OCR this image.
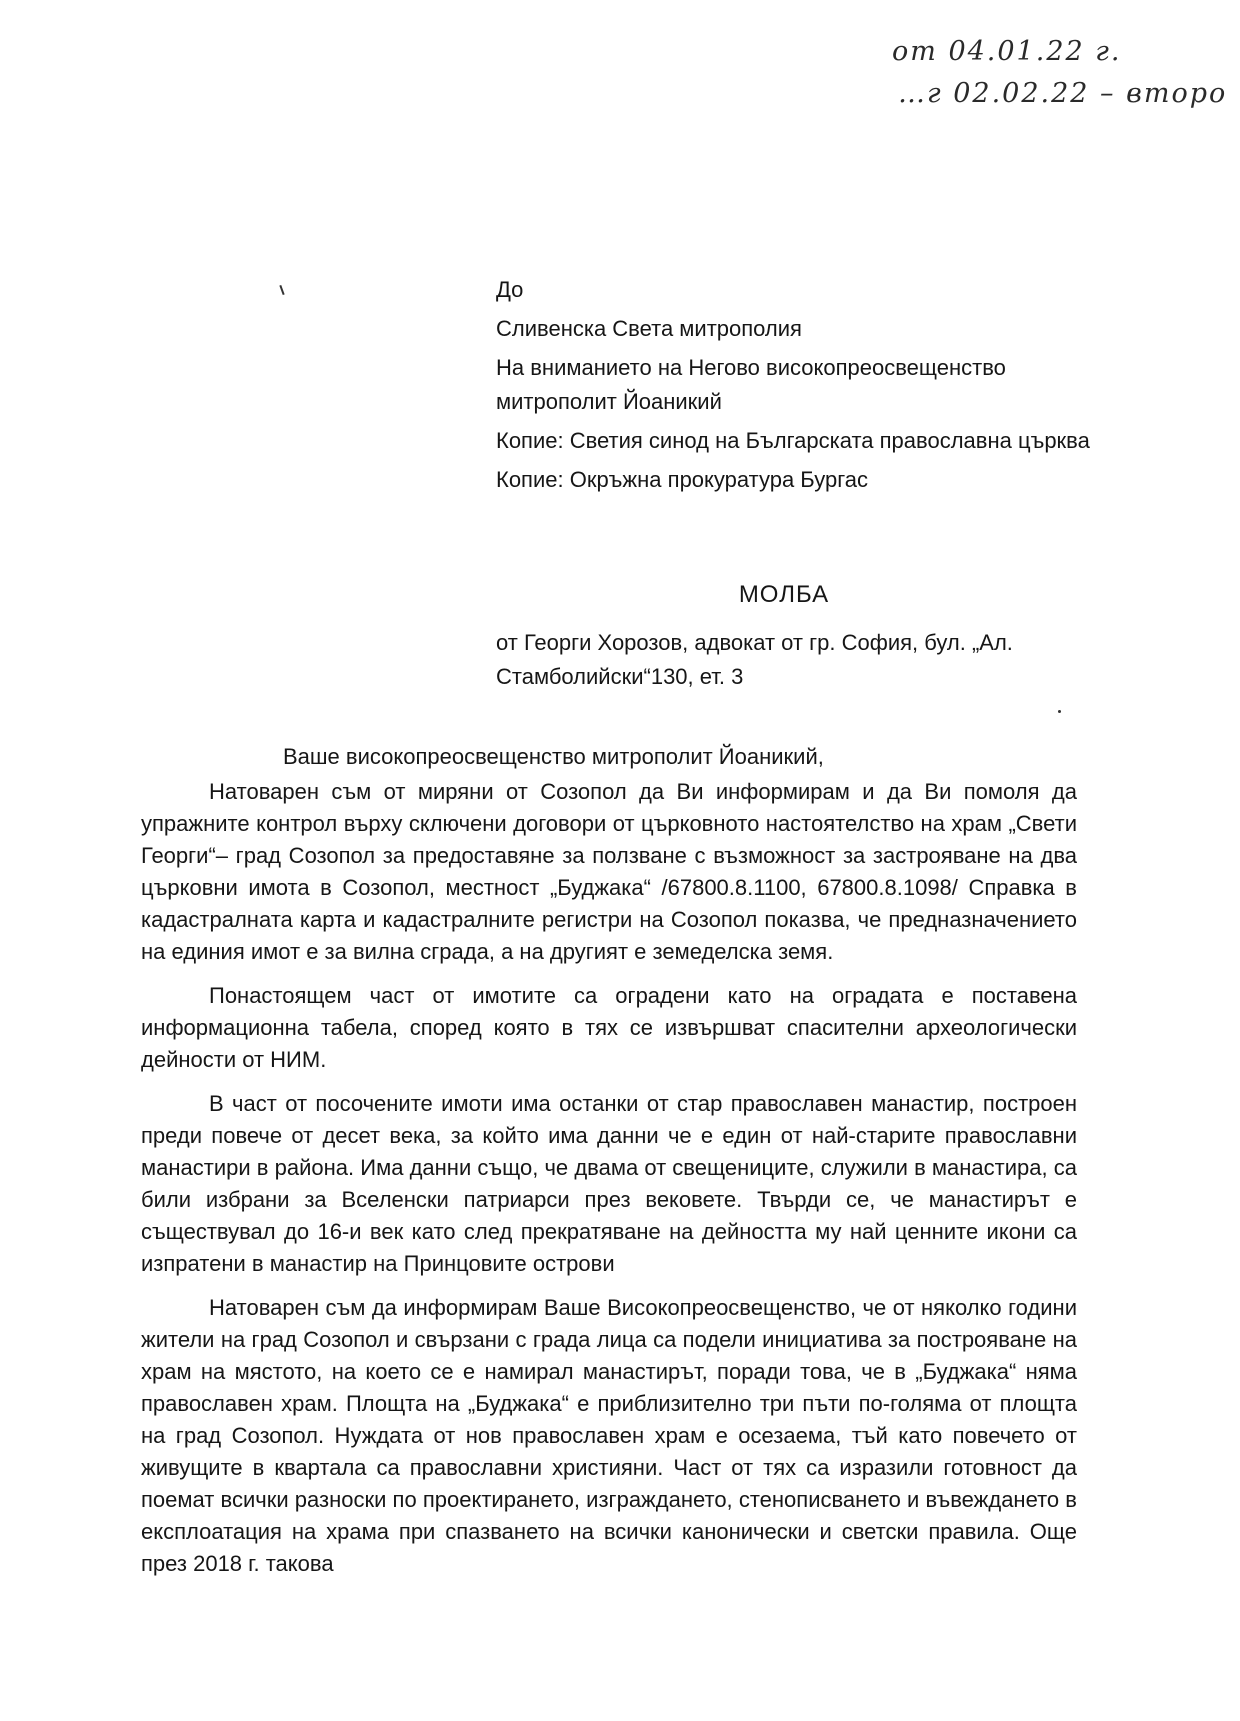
от 04.01.22 г.
…г 02.02.22 – второ

До

Сливенска Света митрополия

На вниманието на Негово високопреосвещенство митрополит Йоаникий

Копие: Светия синод на Българската православна църква

Копие: Окръжна прокуратура Бургас

МОЛБА
от Георги Хорозов, адвокат от гр. София, бул. „Ал. Стамболийски“130, ет. 3
Ваше високопреосвещенство митрополит Йоаникий,

Натоварен съм от миряни от Созопол да Ви информирам и да Ви помоля да упражните контрол върху сключени договори от църковното настоятелство на храм „Свети Георги“– град Созопол за предоставяне за ползване с възможност за застрояване на два църковни имота в Созопол, местност „Буджака“ /67800.8.1100, 67800.8.1098/ Справка в кадастралната карта и кадастралните регистри на Созопол показва, че предназначението на единия имот е за вилна сграда, а на другият е земеделска земя.

Понастоящем част от имотите са оградени като на оградата е поставена информационна табела, според която в тях се извършват спасителни археологически дейности от НИМ.

В част от посочените имоти има останки от стар православен манастир, построен преди повече от десет века, за който има данни че е един от най-старите православни манастири в района. Има данни също, че двама от свещениците, служили в манастира, са били избрани за Вселенски патриарси през вековете. Твърди се, че манастирът е съществувал до 16-и век като след прекратяване на дейността му най ценните икони са изпратени в манастир на Принцовите острови

Натоварен съм да информирам Ваше Високопреосвещенство, че от няколко години жители на град Созопол и свързани с града лица са подели инициатива за построяване на храм на мястото, на което се е намирал манастирът, поради това, че в „Буджака“ няма православен храм. Площта на „Буджака“ е приблизително три пъти по-голяма от площта на град Созопол. Нуждата от нов православен храм е осезаема, тъй като повечето от живущите в квартала са православни християни. Част от тях са изразили готовност да поемат всички разноски по проектирането, изграждането, стенописването и въвеждането в експлоатация на храма при спазването на всички канонически и светски правила. Още през 2018 г. такова
